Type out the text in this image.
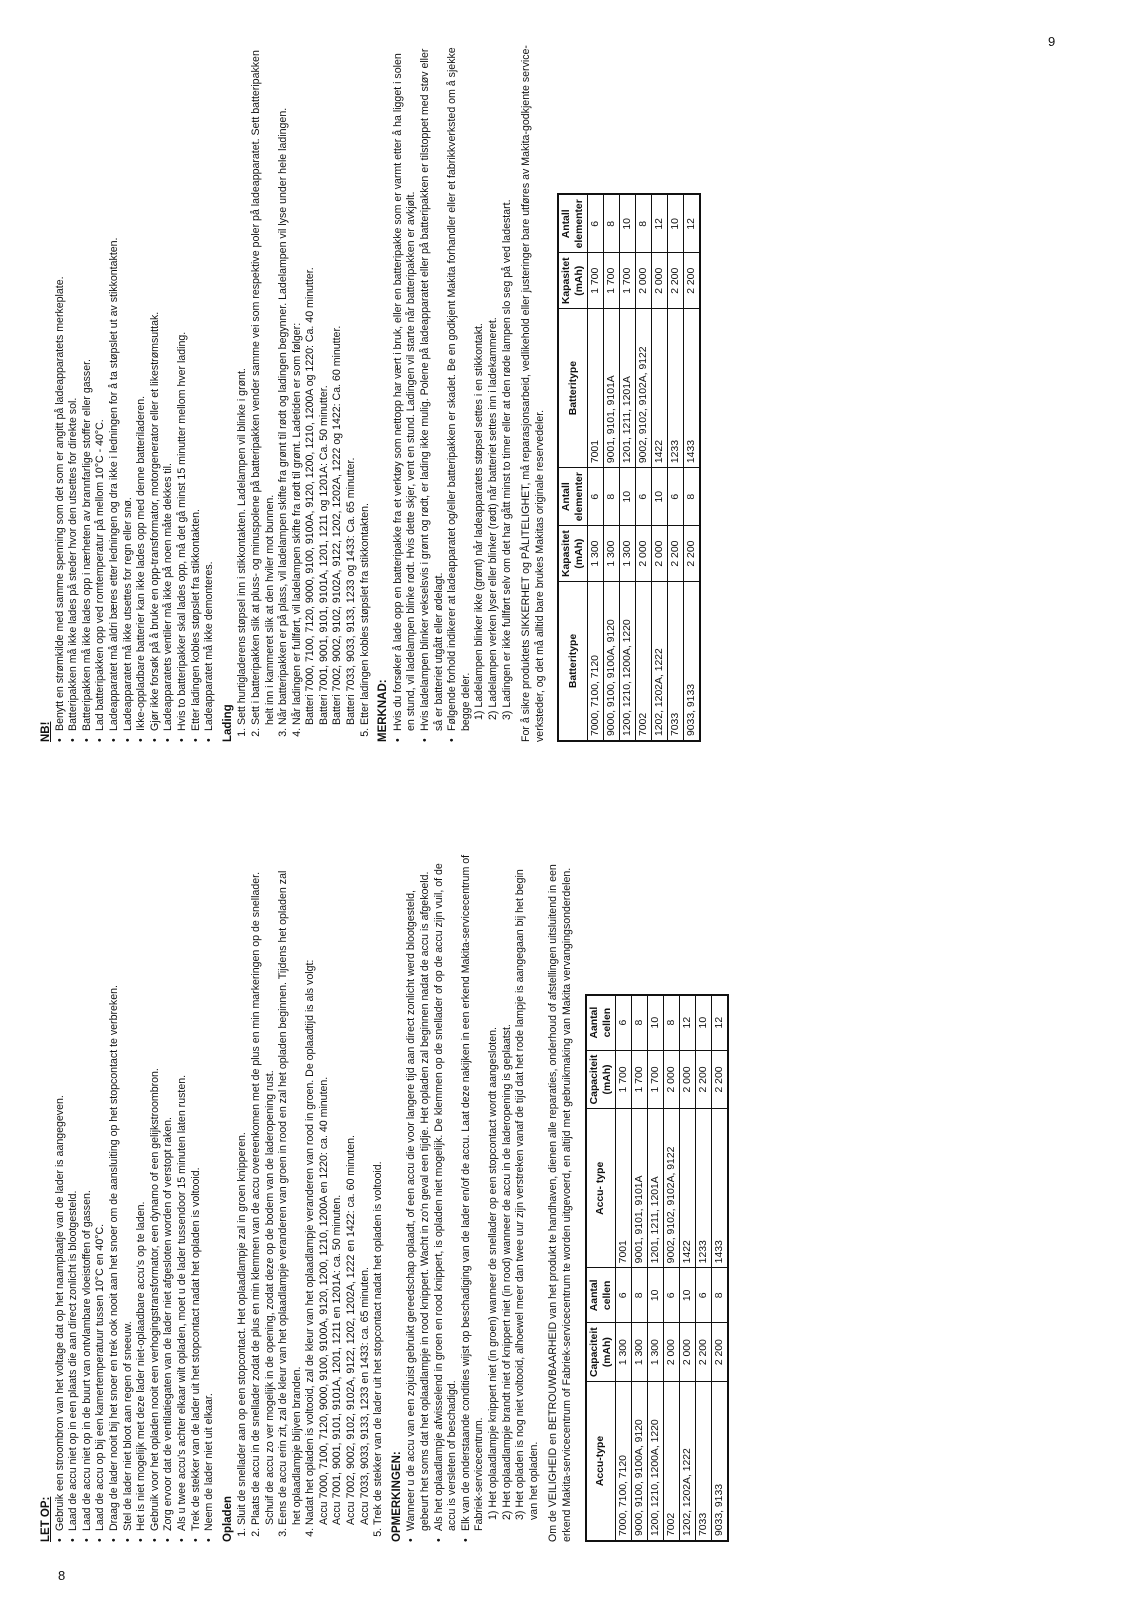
8
9
LET OP: • Gebruik een stroombron van het voltage dat op het naamplaatje van de lader is aangegeven. • Laad de accu niet op in een plaats die aan direct zonlicht is blootgesteld. • Laad de accu niet op in de buurt van ontvlambare vloeistoffen of gassen. • Laad de accu op bij een kamertemperatuur tussen 10°C en 40°C. • Draag de lader nooit bij het snoer en trek ook nooit aan het snoer om de aansluiting op het stopcontact te verbreken. • Stel de lader niet bloot aan regen of sneeuw. • Het is niet mogelijk met deze lader niet-oplaadbare accu's op te laden. • Gebruik voor het opladen nooit een verhogingstransformator, een dynamo of een gelijkstroombron. • Zorg ervoor dat de ventilatiegaten van de lader niet afgesloten worden of verstopt raken. • Als u twee accu's achter elkaar wilt opladen, moet u de lader tussendoor 15 minuten laten rusten. • Trek de stekker van de lader uit het stopcontact nadat het opladen is voltooid. • Neem de lader niet uit elkaar. Opladen 1. Sluit de snellader aan op een stopcontact. Het oplaadlampje zal in groen knipperen. 2. Plaats de accu in de snellader zodat de plus en min klemmen van de accu overeenkomen met de plus en min markeringen op de snellader. Schuif de accu zo ver mogelijk in de opening, zodat deze op de bodem van de laderopening rust. 3. Eens de accu erin zit, zal de kleur van het oplaadlampje veranderen van groen in rood en zal het opladen beginnen. Tijdens het opladen zal het oplaadlampje blijven branden. 4. Nadat het opladen is voltooid, zal de kleur van het oplaadlampje veranderen van rood in groen. De oplaadtijd is als volgt: Accu 7000, 7100, 7120, 9000, 9100, 9100A, 9120, 1200, 1210, 1200A en 1220: ca. 40 minuten. Accu 7001, 9001, 9101, 9101A, 1201, 1211 en 1201A: ca. 50 minuten. Accu 7002, 9002, 9102, 9102A, 9122, 1202, 1202A, 1222 en 1422: ca. 60 minuten. Accu 7033, 9033, 9133, 1233 en 1433: ca. 65 minuten. 5. Trek de stekker van de lader uit het stopcontact nadat het opladen is voltooid. OPMERKINGEN: • Wanneer u de accu van een zojuist gebruikt gereedschap oplaadt, of een accu die voor langere tijd aan direct zonlicht werd blootgesteld, gebeurt het soms dat het oplaadlampje in rood knippert. Wacht in zo'n geval een tijdje. Het opladen zal beginnen nadat de accu is afgekoeld. • Als het oplaadlampje afwisselend in groen en rood knippert, is opladen niet mogelijk. De klemmen op de snellader of op de accu zijn vuil, of de accu is versleten of beschadigd. • Elk van de onderstaande condities wijst op beschadiging van de lader en/of de accu. Laat deze nakijken in een erkend Makita-servicecentrum of Fabriek-servicecentrum. 1) Het oplaadlampje knippert niet (in groen) wanneer de snellader op een stopcontact wordt aangesloten. 2) Het oplaadlampje brandt niet of knippert niet (in rood) wanneer de accu in de laderopening is geplaatst. 3) Het opladen is nog niet voltooid, alhoewel meer dan twee uur zijn verstreken vanaf de tijd dat het rode lampje is aangegaan bij het begin van het opladen. Om de VEILIGHEID en BETROUWBAARHEID van het produkt te handhaven, dienen alle reparaties, onderhoud of afstellingen uitsluitend in een erkend Makita-servicecentrum of Fabriek-servicecentrum te worden uitgevoerd, en altijd met gebruikmaking van Makita vervangingsonderdelen. Accu-type	Capaciteit (mAh)	Aantal cellen	Accu- type	Capaciteit (mAh)	Aantal cellen
7000, 7100, 7120	1 300	6	7001	1 700	6
9000, 9100, 9100A, 9120	1 300	8	9001, 9101, 9101A	1 700	8
1200, 1210, 1200A, 1220	1 300	10	1201, 1211, 1201A	1 700	10
7002	2 000	6	9002, 9102, 9102A, 9122	2 000	8
1202, 1202A, 1222	2 000	10	1422	2 000	12
7033	2 200	6	1233	2 200	10
9033, 9133	2 200	8	1433	2 200	12
NB!
• Benytt en strømkilde med samme spenning som det som er angitt på ladeapparatets merkeplate. • Batteripakken må ikke lades på steder hvor den utsettes for direkte sol. • Batteripakken må ikke lades opp i nærheten av brannfarlige stoffer eller gasser. • Lad batteripakken opp ved romtemperatur på mellom 10°C - 40°C. • Ladeapparatet må aldri bæres etter ledningen og dra ikke i ledningen for å ta støpslet ut av stikkontakten. • Ladeapparatet må ikke utsettes for regn eller snø. • Ikke-oppladbare batterier kan ikke lades opp med denne batteriladeren. • Gjør ikke forsøk på å bruke en opp-transformator, motorgenerator eller et likestrømsuttak. • Ladeapparatets ventiler må ikke på noen måte dekkes til. • Hvis to batteripakker skal lades opp, må det gå minst 15 minutter mellom hver lading. • Etter ladingen kobles støpslet fra stikkontakten. • Ladeapparatet må ikke demonteres. Lading 1. Sett hurtigladerens støpsel inn i stikkontakten. Ladelampen vil blinke i grønt. 2. Sett i batteripakken slik at pluss- og minuspolene på batteripakken vender samme vei som respektive poler på ladeapparatet. Sett batteripakken helt inn i kammeret slik at den hviler mot bunnen. 3. Når batteripakken er på plass, vil ladelampen skifte fra grønt til rødt og ladingen begynner. Ladelampen vil lyse under hele ladingen. 4. Når ladingen er fullført, vil ladelampen skifte fra rødt til grønt. Ladetiden er som følger: Batteri 7000, 7100, 7120, 9000, 9100, 9100A, 9120, 1200, 1210, 1200A og 1220: Ca. 40 minutter. Batteri 7001, 9001, 9101, 9101A, 1201, 1211 og 1201A: Ca. 50 minutter. Batteri 7002, 9002, 9102, 9102A, 9122, 1202, 1202A, 1222 og 1422: Ca. 60 minutter. Batteri 7033, 9033, 9133, 1233 og 1433: Ca. 65 minutter. 5. Etter ladingen kobles støpslet fra stikkontakten. MERKNAD: • Hvis du forsøker å lade opp en batteripakke fra et verktøy som nettopp har vært i bruk, eller en batteripakke som er varmt etter å ha ligget i solen en stund, vil ladelampen blinke rødt. Hvis dette skjer, vent en stund. Ladingen vil starte når batteripakken er avkjølt. • Hvis ladelampen blinker vekselsvis i grønt og rødt, er lading ikke mulig. Polene på ladeapparatet eller på batteripakken er tilstoppet med støv eller så er batteriet utgått eller ødelagt. • Følgende forhold indikerer at ladeapparatet og/eller batteripakken er skadet. Be en godkjent Makita forhandler eller et fabrikkverksted om å sjekke begge deler. 1) Ladelampen blinker ikke (grønt) når ladeapparatets støpsel settes i en stikkontakt. 2) Ladelampen verken lyser eller blinker (rødt) når batteriet settes inn i ladekammeret. 3) Ladingen er ikke fullført selv om det har gått minst to timer eller at den røde lampen slo seg på ved ladestart. For å sikre produktets SIKKERHET og PÅLITELIGHET, må reparasjonsarbeid, vedlikehold eller justeringer bare utføres av Makita-godkjente service-verksteder, og det må alltid bare brukes Makitas originale reservedeler. Batteritype	Kapasitet (mAh)	Antall elementer	Batteritype	Kapasitet (mAh)	Antall elementer
7000, 7100, 7120	1 300	6	7001	1 700	6
9000, 9100, 9100A, 9120	1 300	8	9001, 9101, 9101A	1 700	8
1200, 1210, 1200A, 1220	1 300	10	1201, 1211, 1201A	1 700	10
7002	2 000	6	9002, 9102, 9102A, 9122	2 000	8
1202, 1202A, 1222	2 000	10	1422	2 000	12
7033	2 200	6	1233	2 200	10
9033, 9133	2 200	8	1433	2 200	12
